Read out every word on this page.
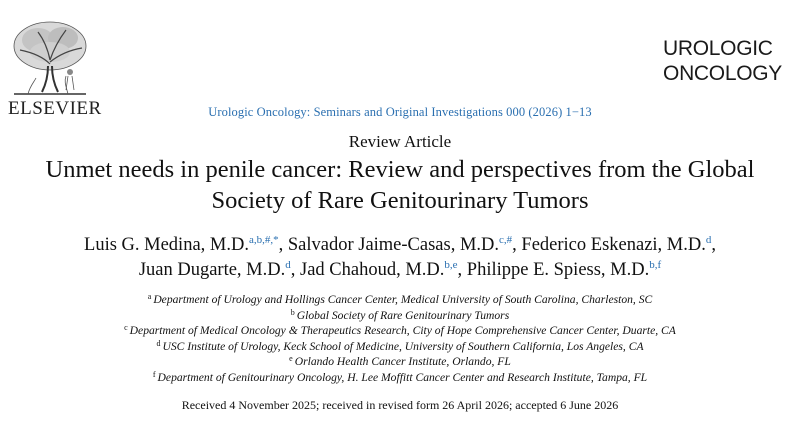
ELSEVIER	Urologic Oncology: Seminars and Original Investigations 000 (2026) 1−13
UROLOGIC
ONCOLOGY
Review Article
Unmet needs in penile cancer: Review and perspectives from the Global
Society of Rare Genitourinary Tumors
Luis G. Medina, M.D.$^{a,b,\#,*}$, Salvador Jaime-Casas, M.D.$^{c,\#}$, Federico Eskenazi, M.D.$^d$,
Juan Dugarte, M.D.$^d$, Jad Chahoud, M.D.$^{b,e}$, Philippe E. Spiess, M.D.$^{b,f}$
$^a$ Department of Urology and Hollings Cancer Center, Medical University of South Carolina, Charleston, SC
$^b$ Global Society of Rare Genitourinary Tumors
$^c$ Department of Medical Oncology & Therapeutics Research, City of Hope Comprehensive Cancer Center, Duarte, CA
$^d$ USC Institute of Urology, Keck School of Medicine, University of Southern California, Los Angeles, CA
$^e$ Orlando Health Cancer Institute, Orlando, FL
$^f$ Department of Genitourinary Oncology, H. Lee Moffitt Cancer Center and Research Institute, Tampa, FL
Received 4 November 2025; received in revised form 26 April 2026; accepted 6 June 2026
